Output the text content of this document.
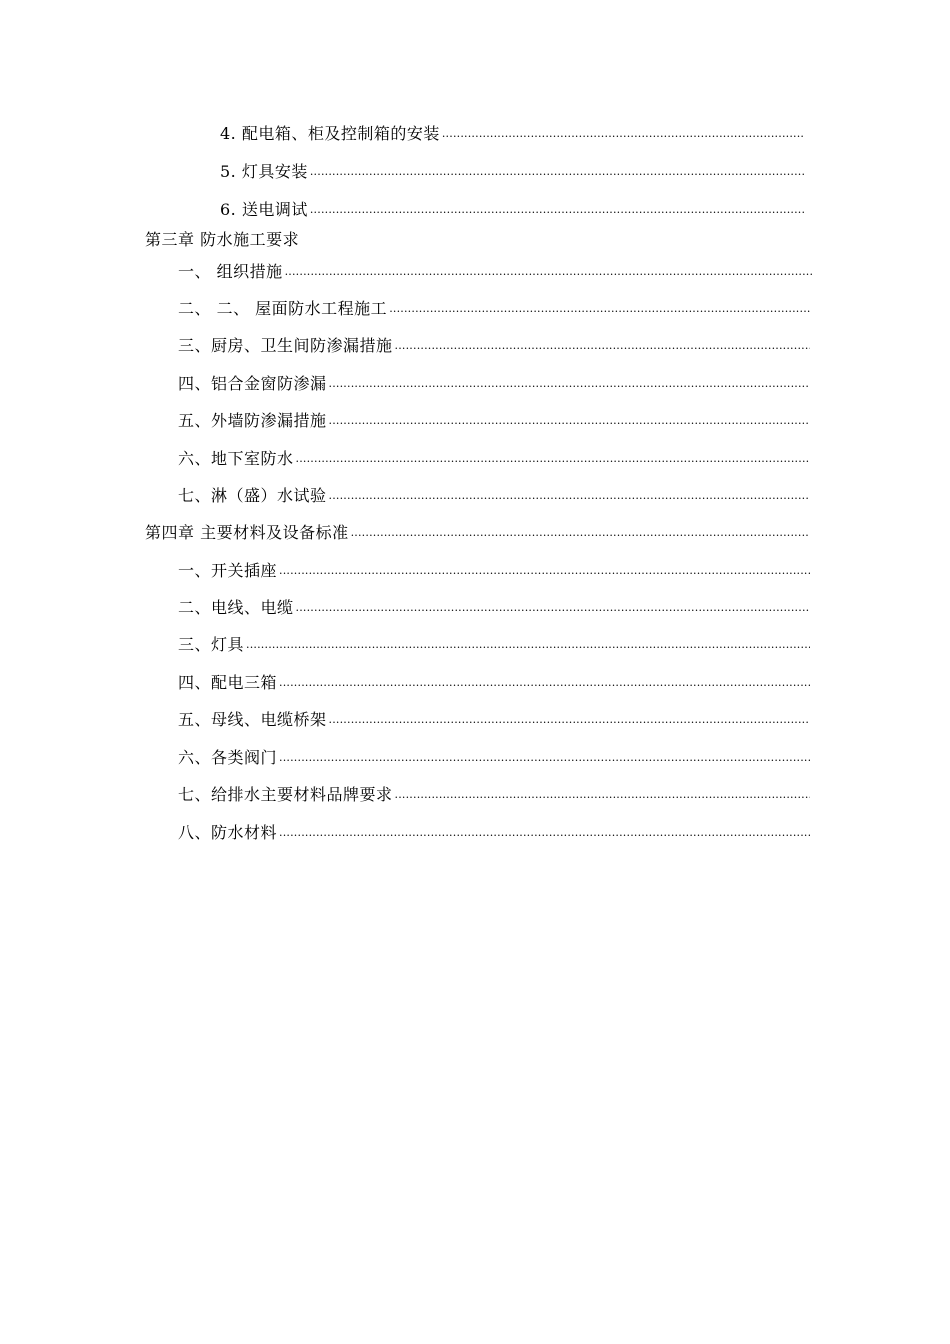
4. 配电箱、柜及控制箱的安装
.....
5. 灯具安装
.....
6. 送电调试
.....
第三章 防水施工要求
一、 组织措施
.....
二、 二、 屋面防水工程施工
.....
三、厨房、卫生间防渗漏措施
.....
四、铝合金窗防渗漏
.....
五、外墙防渗漏措施
.....
六、地下室防水
.....
七、淋（盛）水试验
.....
第四章 主要材料及设备标准
.....
一、开关插座
.....
二、电线、电缆
.....
三、灯具
.....
四、配电三箱
.....
五、母线、电缆桥架
.....
六、各类阀门
.....
七、给排水主要材料品牌要求
.....
八、防水材料
.....
